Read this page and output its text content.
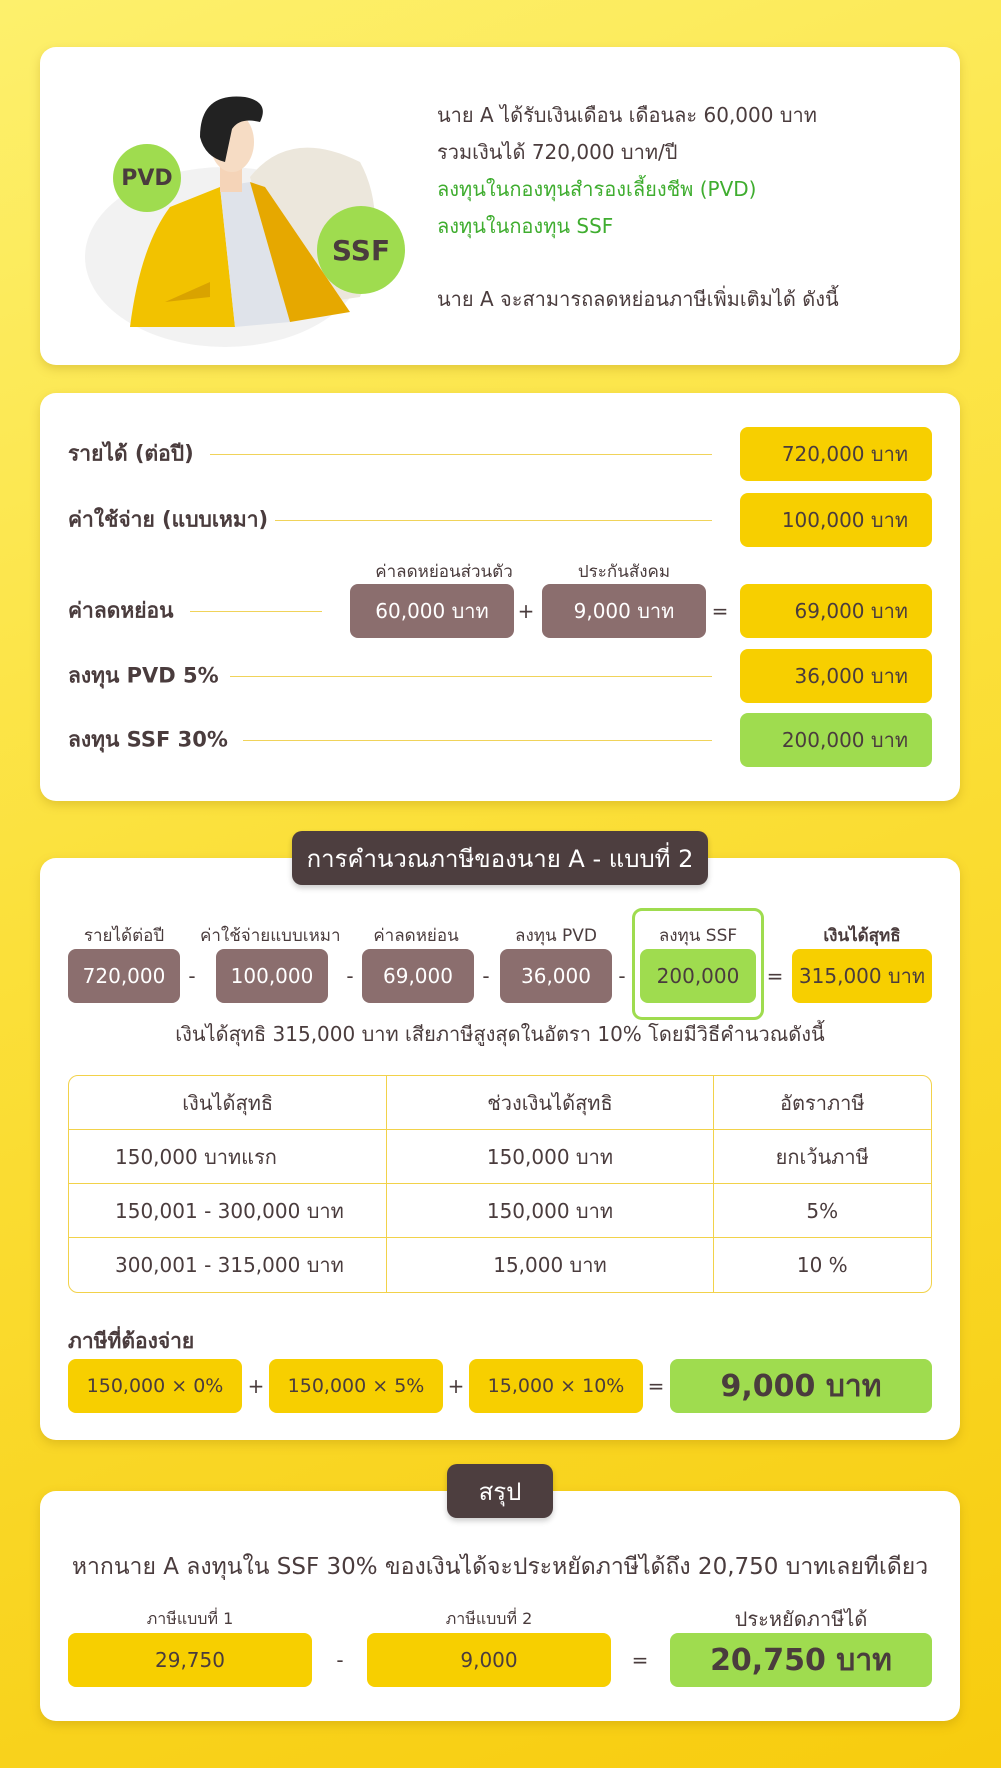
PVD
SSF

นาย A ได้รับเงินเดือน เดือนละ 60,000 บาท

รวมเงินได้ 720,000 บาท/ปี

ลงทุนในกองทุนสำรองเลี้ยงชีพ (PVD)

ลงทุนในกองทุน SSF

นาย A จะสามารถลดหย่อนภาษีเพิ่มเติมได้ ดังนี้

รายได้ (ต่อปี)	720,000 บาท
ค่าใช้จ่าย (แบบเหมา)	100,000 บาท
ค่าลดหย่อนส่วนตัว	ประกันสังคม
ค่าลดหย่อน	60,000 บาท	+	9,000 บาท	=	69,000 บาท
ลงทุน PVD 5%	36,000 บาท
ลงทุน SSF 30%	200,000 บาท
รายได้ต่อปี	ค่าใช้จ่ายแบบเหมา	ค่าลดหย่อน	ลงทุน PVD	ลงทุน SSF	เงินได้สุทธิ
720,000	-	100,000	-	69,000	-	36,000	-	200,000	= 315,000 บาท
เงินได้สุทธิ 315,000 บาท เสียภาษีสูงสุดในอัตรา 10% โดยมีวิธีคำนวณดังนี้
เงินได้สุทธิ	ช่วงเงินได้สุทธิ	อัตราภาษี
150,000 บาทแรก	150,000 บาท	ยกเว้นภาษี
150,001 - 300,000 บาท	150,000 บาท	5%
300,001 - 315,000 บาท	15,000 บาท	10 %
ภาษีที่ต้องจ่าย
150,000 × 0%	+	150,000 × 5%	+	15,000 × 10%	=	9,000 บาท
การคำนวณภาษีของนาย A - แบบที่ 2
หากนาย A ลงทุนใน SSF 30% ของเงินได้จะประหยัดภาษีได้ถึง 20,750 บาทเลยทีเดียว
ภาษีแบบที่ 1	ภาษีแบบที่ 2	ประหยัดภาษีได้
29,750	-	9,000	=	20,750 บาท
สรุป
